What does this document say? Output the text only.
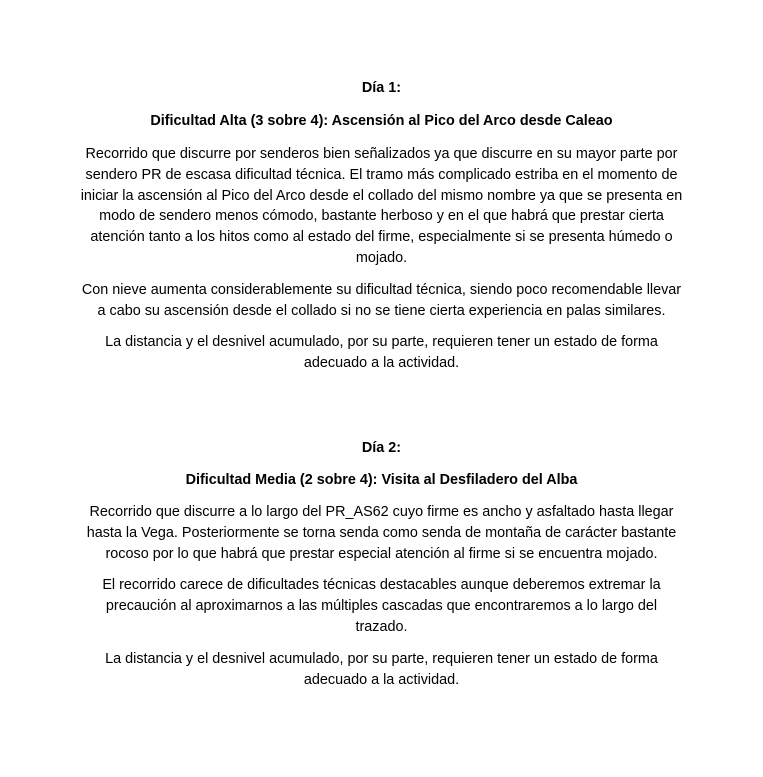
Día 1:

Dificultad Alta (3 sobre 4): Ascensión al Pico del Arco desde Caleao

Recorrido que discurre por senderos bien señalizados ya que discurre en su mayor parte por sendero PR de escasa dificultad técnica. El tramo más complicado estriba en el momento de iniciar la ascensión al Pico del Arco desde el collado del mismo nombre ya que se presenta en modo de sendero menos cómodo, bastante herboso y en el que habrá que prestar cierta atención tanto a los hitos como al estado del firme, especialmente si se presenta húmedo o mojado.

Con nieve aumenta considerablemente su dificultad técnica, siendo poco recomendable llevar a cabo su ascensión desde el collado si no se tiene cierta experiencia en palas similares.

La distancia y el desnivel acumulado, por su parte, requieren tener un estado de forma adecuado a la actividad.

Día 2:

Dificultad Media (2 sobre 4): Visita al Desfiladero del Alba

Recorrido que discurre a lo largo del PR_AS62 cuyo firme es ancho y asfaltado hasta llegar hasta la Vega. Posteriormente se torna senda como senda de montaña de carácter bastante rocoso por lo que habrá que prestar especial atención al firme si se encuentra mojado.

El recorrido carece de dificultades técnicas destacables aunque deberemos extremar la precaución al aproximarnos a las múltiples cascadas que encontraremos a lo largo del trazado.

La distancia y el desnivel acumulado, por su parte, requieren tener un estado de forma adecuado a la actividad.
